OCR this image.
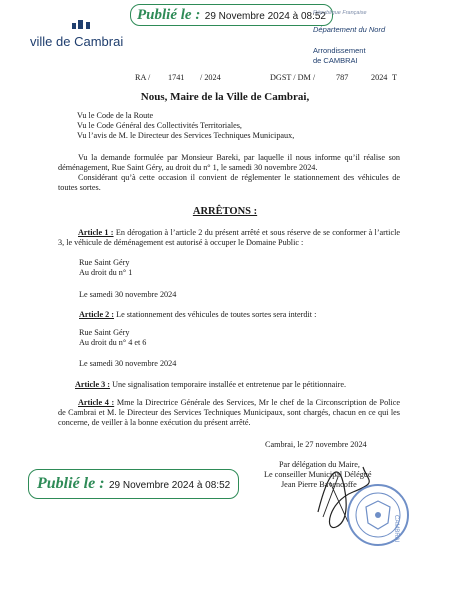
ville de Cambrai
Publié le : 29 Novembre 2024 à 08:52
République Française
Département du Nord
Arrondissement
de CAMBRAI
RA / 1741 / 2024	DGST / DM /	787	2024 T
Nous, Maire de la Ville de Cambrai,
Vu le Code de la Route
Vu le Code Général des Collectivités Territoriales,
Vu l’avis de M. le Directeur des Services Techniques Municipaux,
Vu la demande formulée par Monsieur Bareki, par laquelle il nous informe qu’il réalise son déménagement, Rue Saint Géry, au droit du n° 1, le samedi 30 novembre 2024.
Considérant qu’à cette occasion il convient de réglementer le stationnement des véhicules de toutes sortes.
ARRÊTONS :
Article 1 : En dérogation à l’article 2 du présent arrêté et sous réserve de se conformer à l’article 3, le véhicule de déménagement est autorisé à occuper le Domaine Public :
Rue Saint Géry
Au droit du n° 1
Le samedi 30 novembre 2024
Article 2 : Le stationnement des véhicules de toutes sortes sera interdit :
Rue Saint Géry
Au droit du n° 4 et 6
Le samedi 30 novembre 2024
Article 3 : Une signalisation temporaire installée et entretenue par le pétitionnaire.
Article 4 : Mme la Directrice Générale des Services, Mr le chef de la Circonscription de Police de Cambrai et M. le Directeur des Services Techniques Municipaux, sont chargés, chacun en ce qui les concerne, de veiller à la bonne exécution du présent arrêté.
Cambrai, le 27 novembre 2024
Par délégation du Maire,
Le conseiller Municipal Délégué
Jean Pierre Bavencoffe
CAMBRAI
Publié le : 29 Novembre 2024 à 08:52
